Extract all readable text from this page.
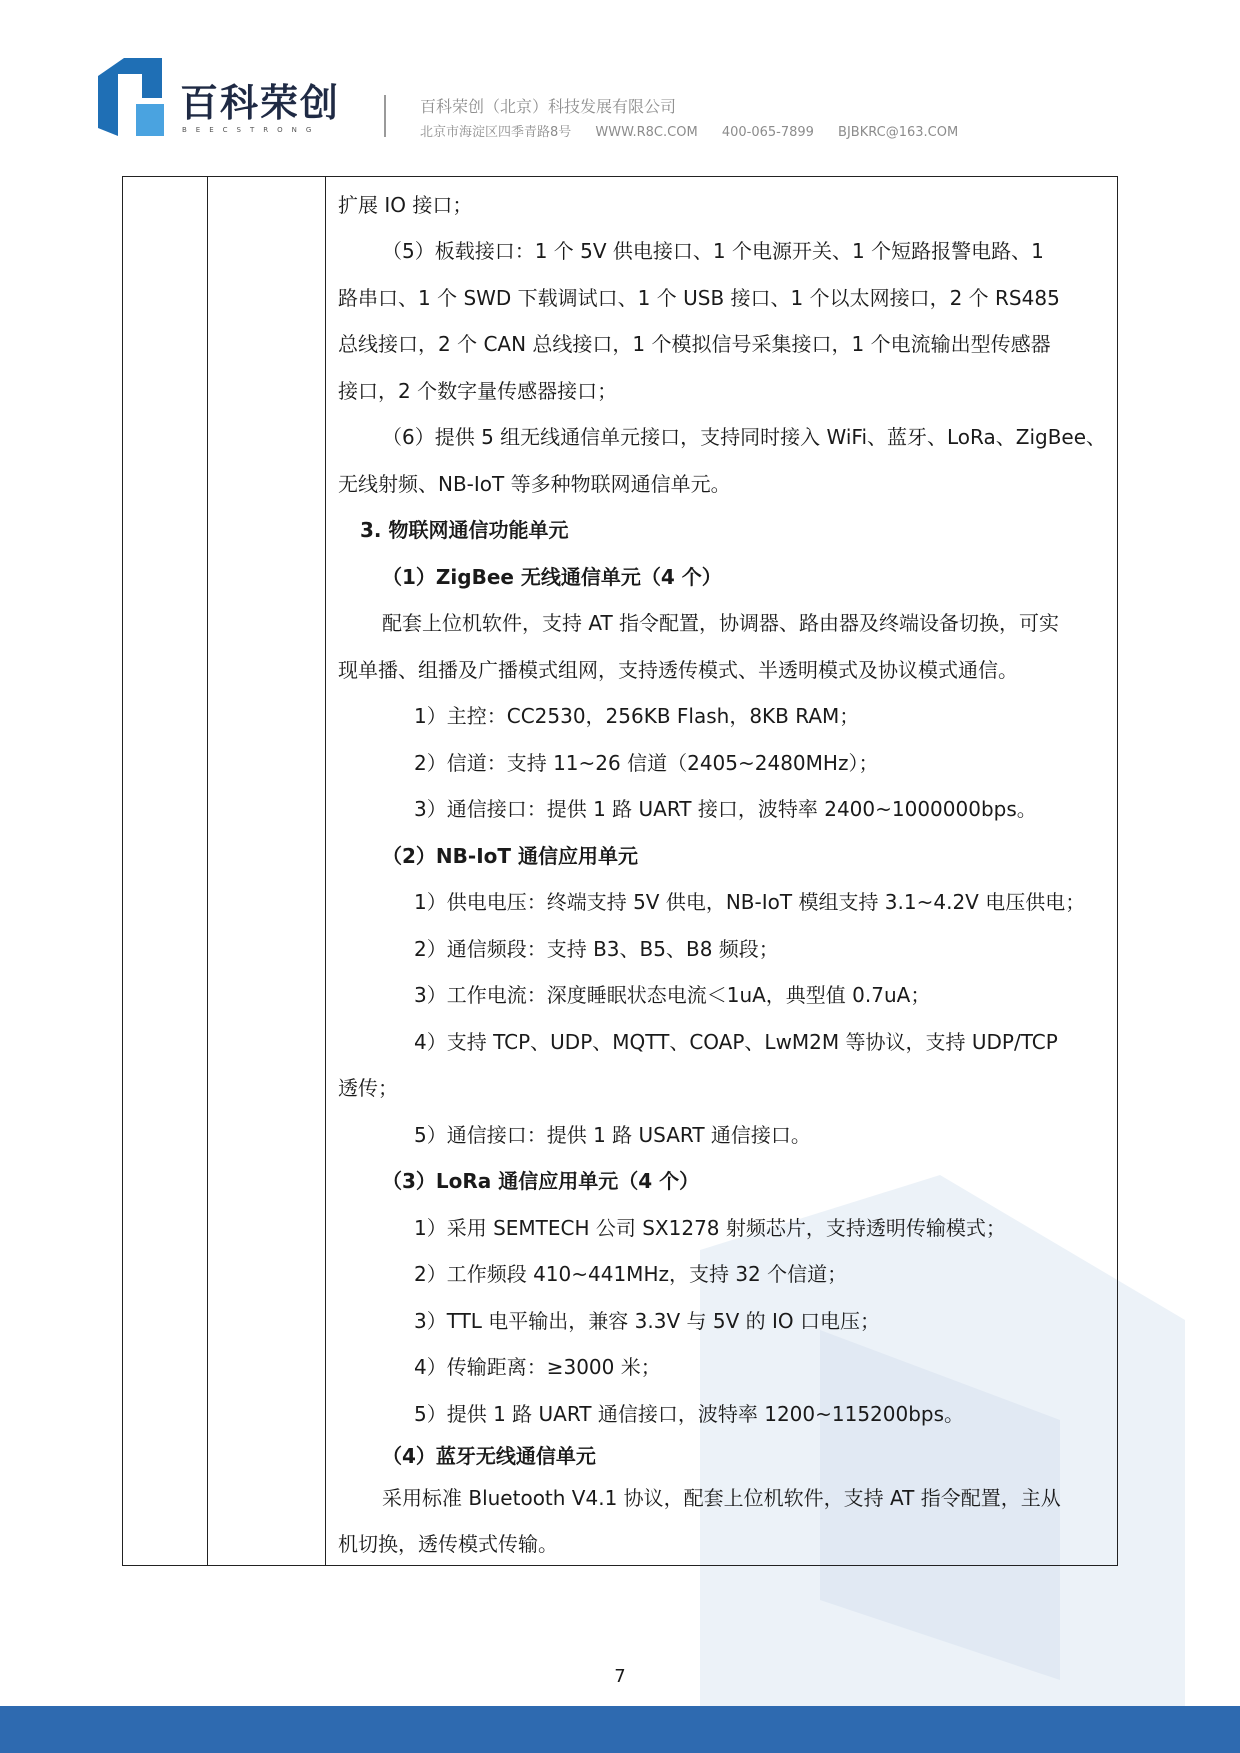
百科荣创
BEECSTRONG
百科荣创（北京）科技发展有限公司
北京市海淀区四季青路8号 WWW.R8C.COM 400-065-7899 BJBKRC@163.COM
扩展 IO 接口；
（5）板载接口：1 个 5V 供电接口、1 个电源开关、1 个短路报警电路、1
路串口、1 个 SWD 下载调试口、1 个 USB 接口、1 个以太网接口，2 个 RS485
总线接口，2 个 CAN 总线接口，1 个模拟信号采集接口，1 个电流输出型传感器
接口，2 个数字量传感器接口；
（6）提供 5 组无线通信单元接口，支持同时接入 WiFi、蓝牙、LoRa、ZigBee、
无线射频、NB-IoT 等多种物联网通信单元。
3. 物联网通信功能单元
（1）ZigBee 无线通信单元（4 个）
配套上位机软件，支持 AT 指令配置，协调器、路由器及终端设备切换，可实
现单播、组播及广播模式组网，支持透传模式、半透明模式及协议模式通信。
1）主控：CC2530，256KB Flash，8KB RAM；
2）信道：支持 11~26 信道（2405~2480MHz）；
3）通信接口：提供 1 路 UART 接口，波特率 2400~1000000bps。
（2）NB-IoT 通信应用单元
1）供电电压：终端支持 5V 供电，NB-IoT 模组支持 3.1~4.2V 电压供电；
2）通信频段：支持 B3、B5、B8 频段；
3）工作电流：深度睡眠状态电流＜1uA，典型值 0.7uA；
4）支持 TCP、UDP、MQTT、COAP、LwM2M 等协议，支持 UDP/TCP
透传；
5）通信接口：提供 1 路 USART 通信接口。
（3）LoRa 通信应用单元（4 个）
1）采用 SEMTECH 公司 SX1278 射频芯片，支持透明传输模式；
2）工作频段 410~441MHz，支持 32 个信道；
3）TTL 电平输出，兼容 3.3V 与 5V 的 IO 口电压；
4）传输距离：≥3000 米；
5）提供 1 路 UART 通信接口，波特率 1200~115200bps。
（4）蓝牙无线通信单元
采用标准 Bluetooth V4.1 协议，配套上位机软件，支持 AT 指令配置，主从
机切换，透传模式传输。
7
